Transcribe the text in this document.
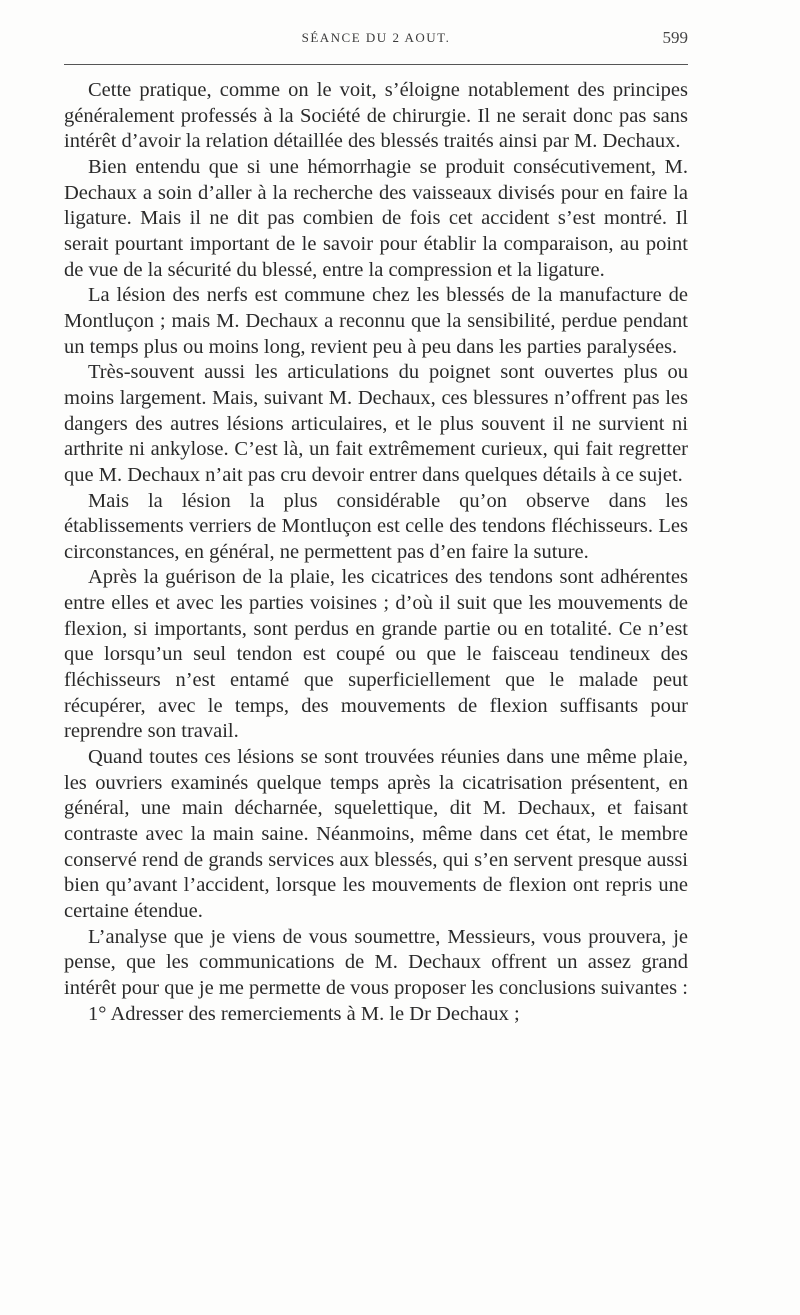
SÉANCE DU 2 AOUT.	599

Cette pratique, comme on le voit, s’éloigne notablement des principes généralement professés à la Société de chirurgie. Il ne serait donc pas sans intérêt d’avoir la relation détaillée des blessés traités ainsi par M. Dechaux.

Bien entendu que si une hémorrhagie se produit consécutivement, M. Dechaux a soin d’aller à la recherche des vaisseaux divisés pour en faire la ligature. Mais il ne dit pas combien de fois cet accident s’est montré. Il serait pourtant important de le savoir pour établir la comparaison, au point de vue de la sécurité du blessé, entre la compression et la ligature.

La lésion des nerfs est commune chez les blessés de la manufacture de Montluçon ; mais M. Dechaux a reconnu que la sensibilité, perdue pendant un temps plus ou moins long, revient peu à peu dans les parties paralysées.

Très-souvent aussi les articulations du poignet sont ouvertes plus ou moins largement. Mais, suivant M. Dechaux, ces blessures n’offrent pas les dangers des autres lésions articulaires, et le plus souvent il ne survient ni arthrite ni ankylose. C’est là, un fait extrêmement curieux, qui fait regretter que M. Dechaux n’ait pas cru devoir entrer dans quelques détails à ce sujet.

Mais la lésion la plus considérable qu’on observe dans les établissements verriers de Montluçon est celle des tendons fléchisseurs. Les circonstances, en général, ne permettent pas d’en faire la suture.

Après la guérison de la plaie, les cicatrices des tendons sont adhérentes entre elles et avec les parties voisines ; d’où il suit que les mouvements de flexion, si importants, sont perdus en grande partie ou en totalité. Ce n’est que lorsqu’un seul tendon est coupé ou que le faisceau tendineux des fléchisseurs n’est entamé que superficiellement que le malade peut récupérer, avec le temps, des mouvements de flexion suffisants pour reprendre son travail.

Quand toutes ces lésions se sont trouvées réunies dans une même plaie, les ouvriers examinés quelque temps après la cicatrisation présentent, en général, une main décharnée, squelettique, dit M. Dechaux, et faisant contraste avec la main saine. Néanmoins, même dans cet état, le membre conservé rend de grands services aux blessés, qui s’en servent presque aussi bien qu’avant l’accident, lorsque les mouvements de flexion ont repris une certaine étendue.

L’analyse que je viens de vous soumettre, Messieurs, vous prouvera, je pense, que les communications de M. Dechaux offrent un assez grand intérêt pour que je me permette de vous proposer les conclusions suivantes :

1° Adresser des remerciements à M. le Dr Dechaux ;
